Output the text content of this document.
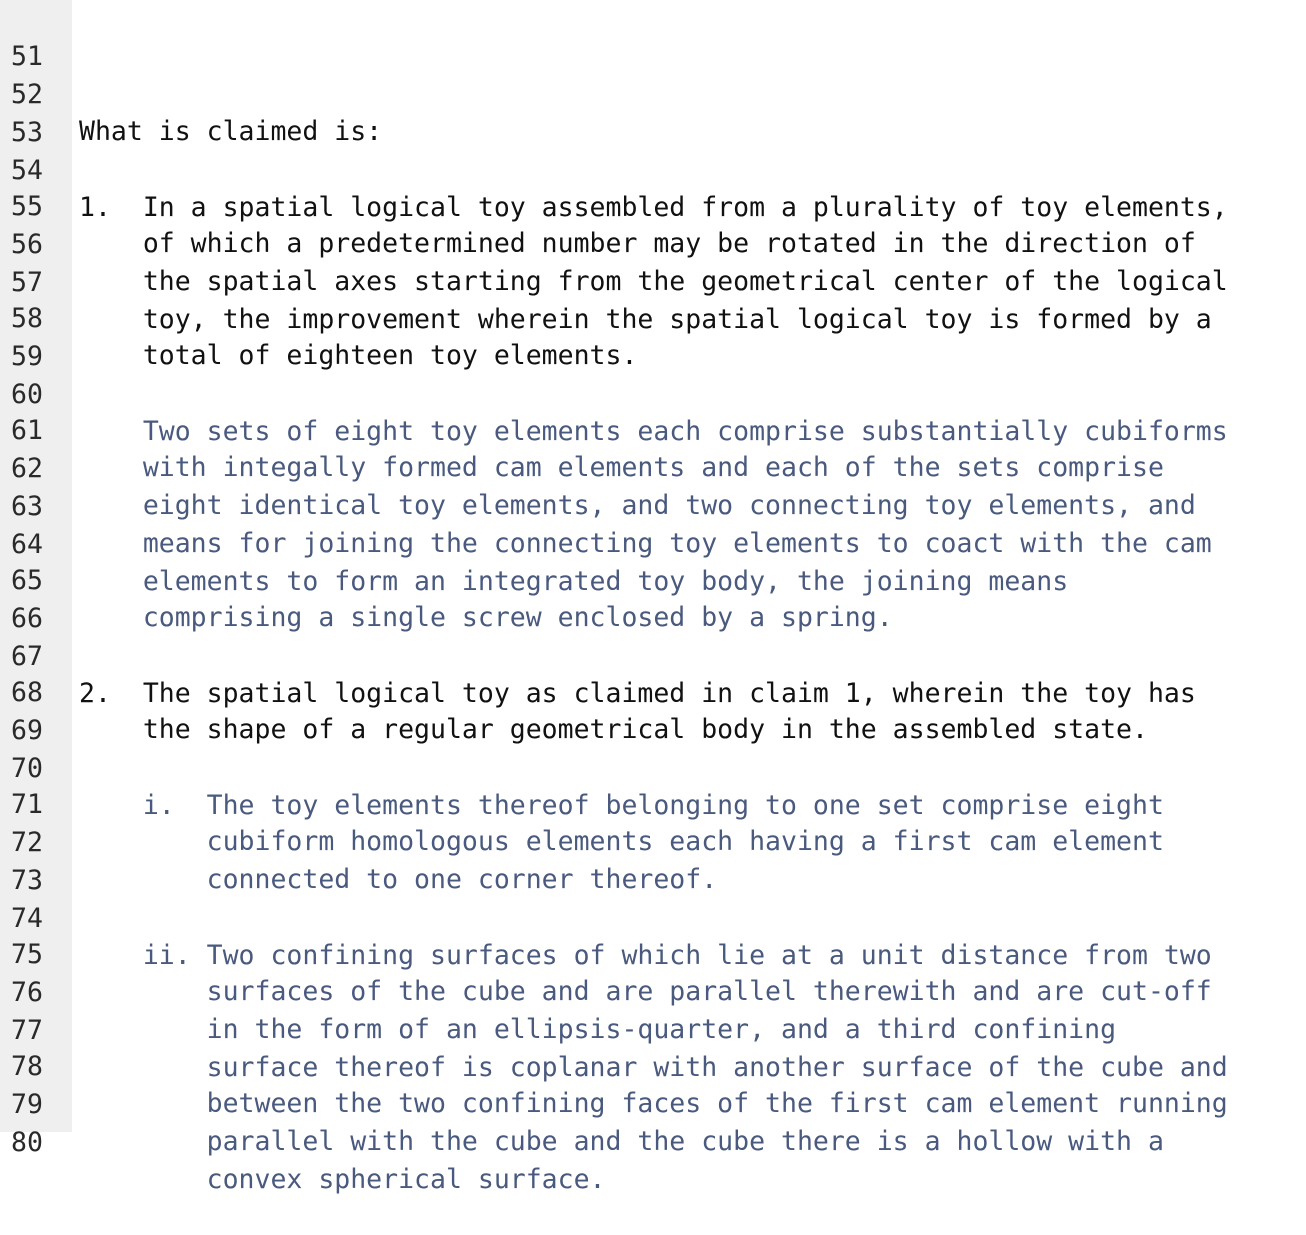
51

52

What is claimed is:

53

54

1.  In a spatial logical toy assembled from a plurality of toy elements,

55

of which a predetermined number may be rotated in the direction of

56

the spatial axes starting from the geometrical center of the logical

57

toy, the improvement wherein the spatial logical toy is formed by a

58

total of eighteen toy elements.

59

60

Two sets of eight toy elements each comprise substantially cubiforms

61

with integally formed cam elements and each of the sets comprise

62

eight identical toy elements, and two connecting toy elements, and

63

means for joining the connecting toy elements to coact with the cam

64

elements to form an integrated toy body, the joining means

65

comprising a single screw enclosed by a spring.

66

67

2.  The spatial logical toy as claimed in claim 1, wherein the toy has

68

the shape of a regular geometrical body in the assembled state.

69

70

i.  The toy elements thereof belonging to one set comprise eight

71

cubiform homologous elements each having a first cam element

72

connected to one corner thereof.

73

74

ii. Two confining surfaces of which lie at a unit distance from two

75

surfaces of the cube and are parallel therewith and are cut-off

76

in the form of an ellipsis-quarter, and a third confining

77

surface thereof is coplanar with another surface of the cube and

78

between the two confining faces of the first cam element running

79

parallel with the cube and the cube there is a hollow with a

80

convex spherical surface.
